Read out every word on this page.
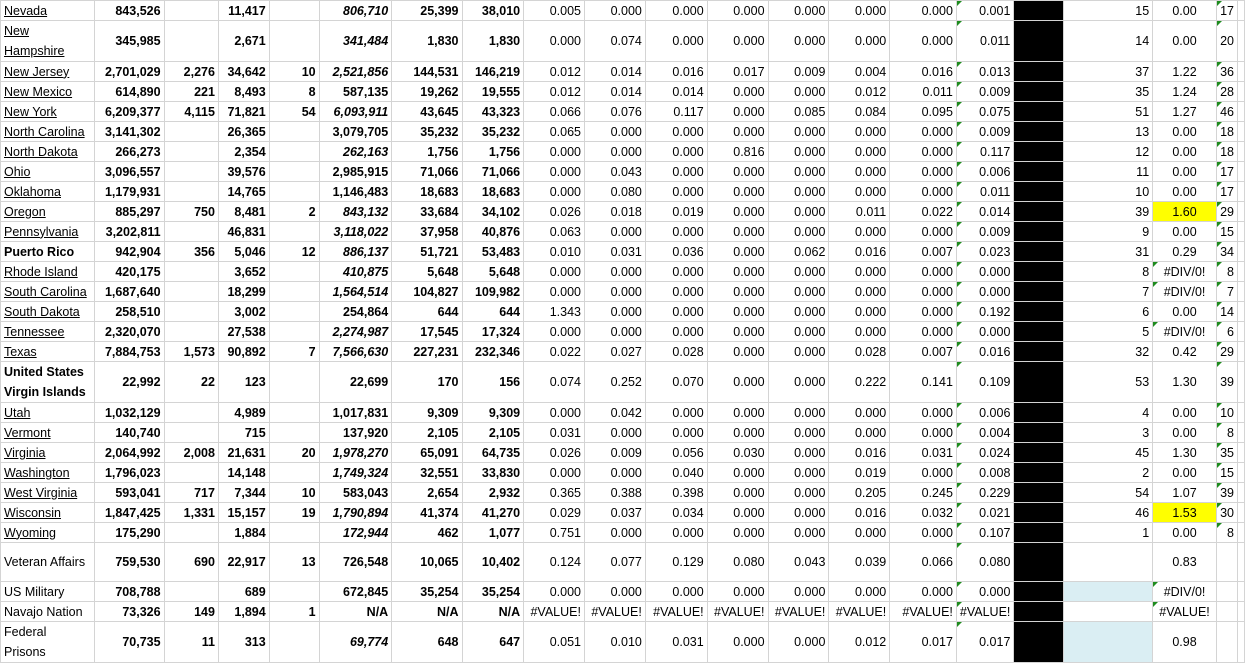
Nevada	843,526		11,417		806,710	25,399	38,010	0.005	0.000	0.000	0.000	0.000	0.000	0.000	0.001		15	0.00	17	
New Hampshire	345,985		2,671		341,484	1,830	1,830	0.000	0.074	0.000	0.000	0.000	0.000	0.000	0.011		14	0.00	20	
New Jersey	2,701,029	2,276	34,642	10	2,521,856	144,531	146,219	0.012	0.014	0.016	0.017	0.009	0.004	0.016	0.013		37	1.22	36	
New Mexico	614,890	221	8,493	8	587,135	19,262	19,555	0.012	0.014	0.014	0.000	0.000	0.012	0.011	0.009		35	1.24	28	
New York	6,209,377	4,115	71,821	54	6,093,911	43,645	43,323	0.066	0.076	0.117	0.000	0.085	0.084	0.095	0.075		51	1.27	46	
North Carolina	3,141,302		26,365		3,079,705	35,232	35,232	0.065	0.000	0.000	0.000	0.000	0.000	0.000	0.009		13	0.00	18	
North Dakota	266,273		2,354		262,163	1,756	1,756	0.000	0.000	0.000	0.816	0.000	0.000	0.000	0.117		12	0.00	18	
Ohio	3,096,557		39,576		2,985,915	71,066	71,066	0.000	0.043	0.000	0.000	0.000	0.000	0.000	0.006		11	0.00	17	
Oklahoma	1,179,931		14,765		1,146,483	18,683	18,683	0.000	0.080	0.000	0.000	0.000	0.000	0.000	0.011		10	0.00	17	
Oregon	885,297	750	8,481	2	843,132	33,684	34,102	0.026	0.018	0.019	0.000	0.000	0.011	0.022	0.014		39	1.60	29	
Pennsylvania	3,202,811		46,831		3,118,022	37,958	40,876	0.063	0.000	0.000	0.000	0.000	0.000	0.000	0.009		9	0.00	15	
Puerto Rico	942,904	356	5,046	12	886,137	51,721	53,483	0.010	0.031	0.036	0.000	0.062	0.016	0.007	0.023		31	0.29	34	
Rhode Island	420,175		3,652		410,875	5,648	5,648	0.000	0.000	0.000	0.000	0.000	0.000	0.000	0.000		8	#DIV/0!	8	
South Carolina	1,687,640		18,299		1,564,514	104,827	109,982	0.000	0.000	0.000	0.000	0.000	0.000	0.000	0.000		7	#DIV/0!	7	
South Dakota	258,510		3,002		254,864	644	644	1.343	0.000	0.000	0.000	0.000	0.000	0.000	0.192		6	0.00	14	
Tennessee	2,320,070		27,538		2,274,987	17,545	17,324	0.000	0.000	0.000	0.000	0.000	0.000	0.000	0.000		5	#DIV/0!	6	
Texas	7,884,753	1,573	90,892	7	7,566,630	227,231	232,346	0.022	0.027	0.028	0.000	0.000	0.028	0.007	0.016		32	0.42	29	
United States Virgin Islands	22,992	22	123		22,699	170	156	0.074	0.252	0.070	0.000	0.000	0.222	0.141	0.109		53	1.30	39	
Utah	1,032,129		4,989		1,017,831	9,309	9,309	0.000	0.042	0.000	0.000	0.000	0.000	0.000	0.006		4	0.00	10	
Vermont	140,740		715		137,920	2,105	2,105	0.031	0.000	0.000	0.000	0.000	0.000	0.000	0.004		3	0.00	8	
Virginia	2,064,992	2,008	21,631	20	1,978,270	65,091	64,735	0.026	0.009	0.056	0.030	0.000	0.016	0.031	0.024		45	1.30	35	
Washington	1,796,023		14,148		1,749,324	32,551	33,830	0.000	0.000	0.040	0.000	0.000	0.019	0.000	0.008		2	0.00	15	
West Virginia	593,041	717	7,344	10	583,043	2,654	2,932	0.365	0.388	0.398	0.000	0.000	0.205	0.245	0.229		54	1.07	39	
Wisconsin	1,847,425	1,331	15,157	19	1,790,894	41,374	41,270	0.029	0.037	0.034	0.000	0.000	0.016	0.032	0.021		46	1.53	30	
Wyoming	175,290		1,884		172,944	462	1,077	0.751	0.000	0.000	0.000	0.000	0.000	0.000	0.107		1	0.00	8	
Veteran Affairs	759,530	690	22,917	13	726,548	10,065	10,402	0.124	0.077	0.129	0.080	0.043	0.039	0.066	0.080			0.83		
US Military	708,788		689		672,845	35,254	35,254	0.000	0.000	0.000	0.000	0.000	0.000	0.000	0.000			#DIV/0!		
Navajo Nation	73,326	149	1,894	1	N/A	N/A	N/A	#VALUE!	#VALUE!	#VALUE!	#VALUE!	#VALUE!	#VALUE!	#VALUE!	#VALUE!			#VALUE!		
Federal Prisons	70,735	11	313		69,774	648	647	0.051	0.010	0.031	0.000	0.000	0.012	0.017	0.017			0.98		
